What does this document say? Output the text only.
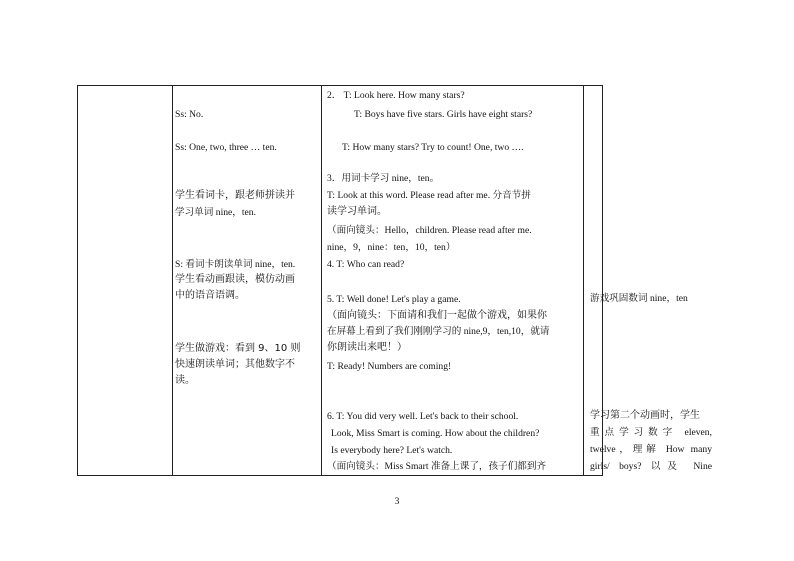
Ss: No.
Ss: One, two, three … ten.
学生看词卡，跟老师拼读并
学习单词 nine，ten.
S: 看词卡朗读单词 nine，ten.
学生看动画跟读，模仿动画
中的语音语调。
学生做游戏：看到 9、10 则
快速朗读单词；其他数字不
读。
2． T: Look here. How many stars?
T: Boys have five stars. Girls have eight stars?
T: How many stars? Try to count! One, two ….
3．用词卡学习 nine，ten。
T: Look at this word. Please read after me. 分音节拼
读学习单词。
（面向镜头：Hello，children. Please read after me.
nine，9，nine：ten，10，ten）
4. T: Who can read?
5. T: Well done! Let's play a game.
（面向镜头：下面请和我们一起做个游戏，如果你
在屏幕上看到了我们刚刚学习的 nine,9，ten,10，就请
你朗读出来吧！）
T: Ready! Numbers are coming!
6. T: You did very well. Let's back to their school.
Look, Miss Smart is coming. How about the children?
Is everybody here? Let's watch.
（面向镜头：Miss Smart 准备上课了，孩子们都到齐
游戏巩固数词 nine，ten
学习第二个动画时，学生
重点学习数字 eleven,
twelve，理解 How many
girls/ boys? 以及 Nine
3
